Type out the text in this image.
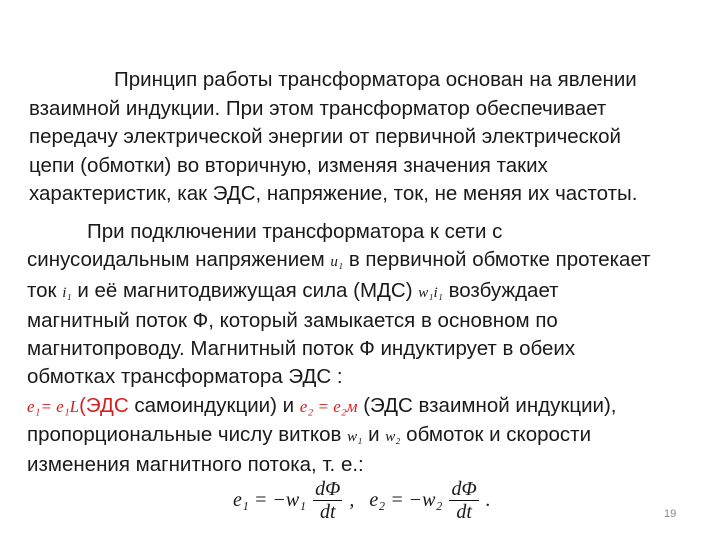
Принцип работы трансформатора основан на явлении
взаимной индукции. При этом трансформатор обеспечивает
передачу электрической энергии от первичной электрической
цепи (обмотки) во вторичную, изменяя значения таких
характеристик, как ЭДС, напряжение, ток, не меняя их частоты.
При подключении трансформатора к сети с
синусоидальным напряжением u₁ в первичной обмотке протекает
ток i₁ и её магнитодвижущая сила (МДС) w₁i₁ возбуждает
магнитный поток Ф, который замыкается в основном по
магнитопроводу. Магнитный поток Ф индуктирует в обеих
обмотках трансформатора ЭДС :
e₁= e₁L(ЭДС самоиндукции) и e₂ = e₂м (ЭДС взаимной индукции),
пропорциональные числу витков w₁ и w₂ обмоток и скорости
изменения магнитного потока, т. е.:
$e_1 = -w_1 \frac{d\Phi}{dt}$ , $e_2 = -w_2 \frac{d\Phi}{dt}$ .
19
